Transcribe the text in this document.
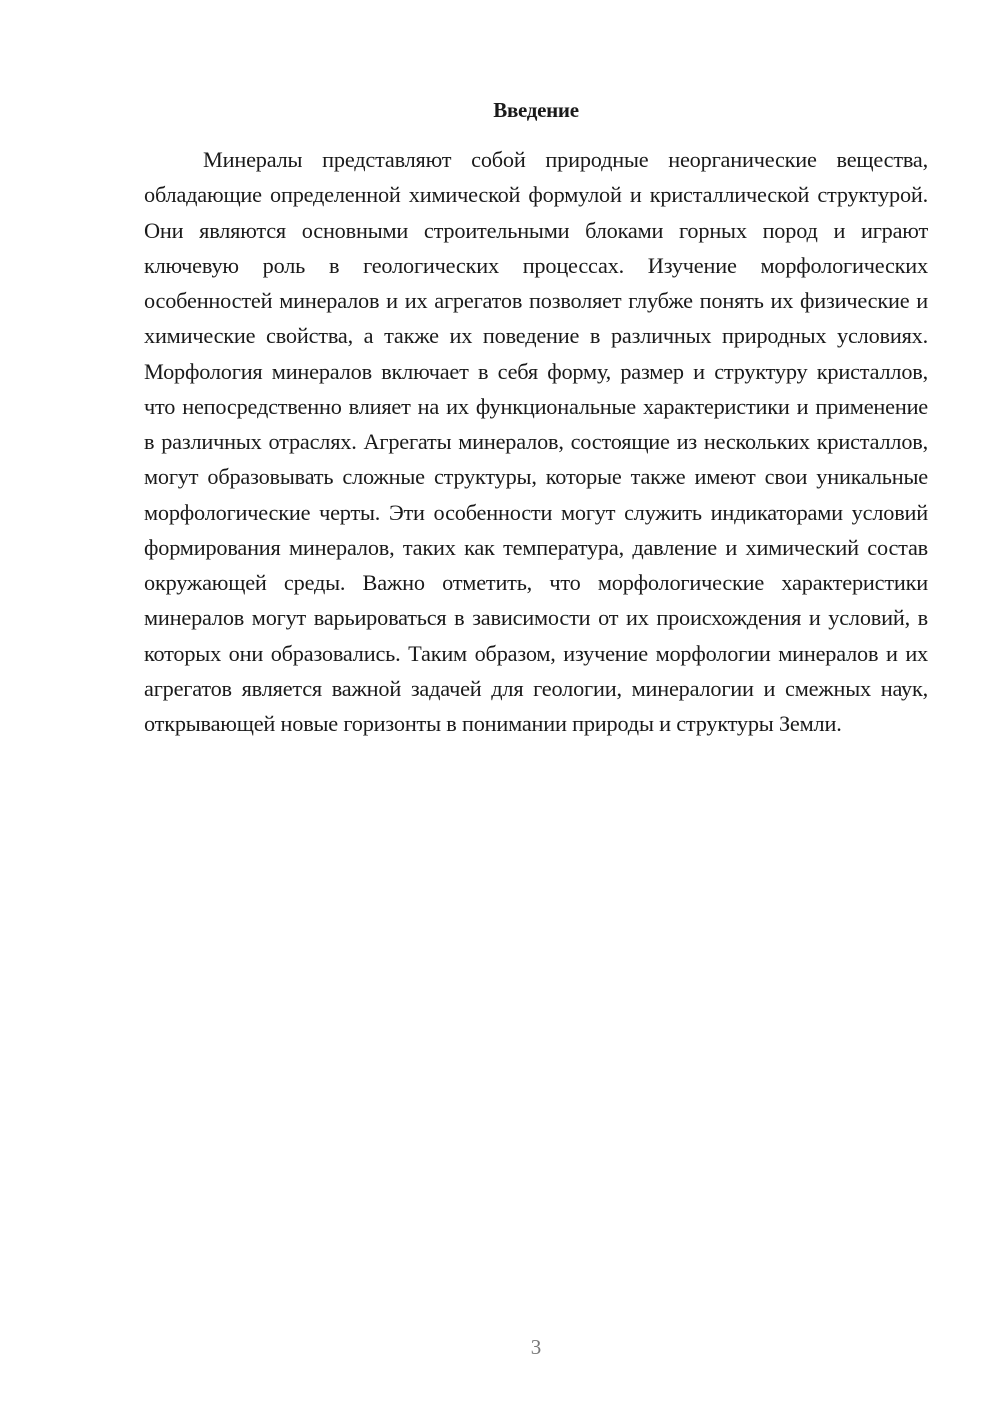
Введение

Минералы представляют собой природные неорганические вещества, обладающие определенной химической формулой и кристаллической структурой. Они являются основными строительными блоками горных пород и играют ключевую роль в геологических процессах. Изучение морфологических особенностей минералов и их агрегатов позволяет глубже понять их физические и химические свойства, а также их поведение в различных природных условиях. Морфология минералов включает в себя форму, размер и структуру кристаллов, что непосредственно влияет на их функциональные характеристики и применение в различных отраслях. Агрегаты минералов, состоящие из нескольких кристаллов, могут образовывать сложные структуры, которые также имеют свои уникальные морфологические черты. Эти особенности могут служить индикаторами условий формирования минералов, таких как температура, давление и химический состав окружающей среды. Важно отметить, что морфологические характеристики минералов могут варьироваться в зависимости от их происхождения и условий, в которых они образовались. Таким образом, изучение морфологии минералов и их агрегатов является важной задачей для геологии, минералогии и смежных наук, открывающей новые горизонты в понимании природы и структуры Земли.

3
